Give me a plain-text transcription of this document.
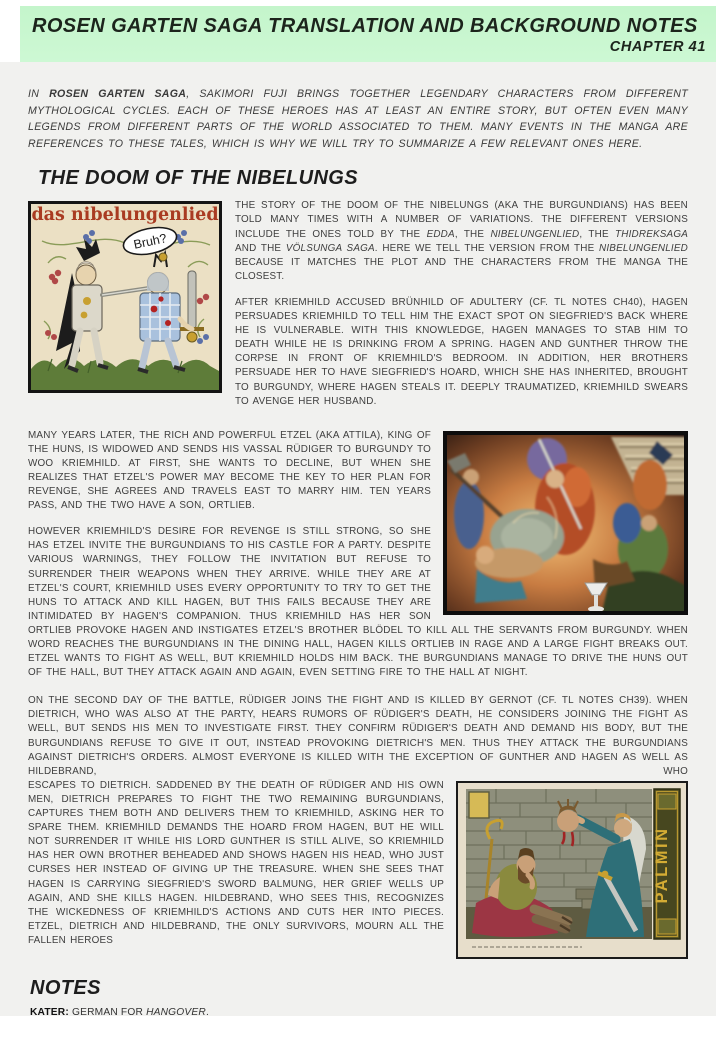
ROSEN GARTEN SAGA TRANSLATION AND BACKGROUND NOTES
CHAPTER 41

IN ROSEN GARTEN SAGA, SAKIMORI FUJI BRINGS TOGETHER LEGENDARY CHARACTERS FROM DIFFERENT MYTHOLOGICAL CYCLES. EACH OF THESE HEROES HAS AT LEAST AN ENTIRE STORY, BUT OFTEN EVEN MANY LEGENDS FROM DIFFERENT PARTS OF THE WORLD ASSOCIATED TO THEM. MANY EVENTS IN THE MANGA ARE REFERENCES TO THESE TALES, WHICH IS WHY WE WILL TRY TO SUMMARIZE A FEW RELEVANT ONES HERE.

THE DOOM OF THE NIBELUNGS
das nibelungenlied
Bruh?

THE STORY OF THE DOOM OF THE NIBELUNGS (AKA THE BURGUNDIANS) HAS BEEN TOLD MANY TIMES WITH A NUMBER OF VARIATIONS. THE DIFFERENT VERSIONS INCLUDE THE ONES TOLD BY THE EDDA, THE NIBELUNGENLIED, THE THIDREKSAGA AND THE VÖLSUNGA SAGA. HERE WE TELL THE VERSION FROM THE NIBELUNGENLIED BECAUSE IT MATCHES THE PLOT AND THE CHARACTERS FROM THE MANGA THE CLOSEST.

AFTER KRIEMHILD ACCUSED BRÜNHILD OF ADULTERY (CF. TL NOTES CH40), HAGEN PERSUADES KRIEMHILD TO TELL HIM THE EXACT SPOT ON SIEGFRIED'S BACK WHERE HE IS VULNERABLE. WITH THIS KNOWLEDGE, HAGEN MANAGES TO STAB HIM TO DEATH WHILE HE IS DRINKING FROM A SPRING. HAGEN AND GUNTHER THROW THE CORPSE IN FRONT OF KRIEMHILD'S BEDROOM. IN ADDITION, HER BROTHERS PERSUADE HER TO HAVE SIEGFRIED'S HOARD, WHICH SHE HAS INHERITED, BROUGHT TO BURGUNDY, WHERE HAGEN STEALS IT. DEEPLY TRAUMATIZED, KRIEMHILD SWEARS TO AVENGE HER HUSBAND.

MANY YEARS LATER, THE RICH AND POWERFUL ETZEL (AKA ATTILA), KING OF THE HUNS, IS WIDOWED AND SENDS HIS VASSAL RÜDIGER TO BURGUNDY TO WOO KRIEMHILD. AT FIRST, SHE WANTS TO DECLINE, BUT WHEN SHE REALIZES THAT ETZEL'S POWER MAY BECOME THE KEY TO HER PLAN FOR REVENGE, SHE AGREES AND TRAVELS EAST TO MARRY HIM. TEN YEARS PASS, AND THE TWO HAVE A SON, ORTLIEB.

HOWEVER KRIEMHILD'S DESIRE FOR REVENGE IS STILL STRONG, SO SHE HAS ETZEL INVITE THE BURGUNDIANS TO HIS CASTLE FOR A PARTY. DESPITE VARIOUS WARNINGS, THEY FOLLOW THE INVITATION BUT REFUSE TO SURRENDER THEIR WEAPONS WHEN THEY ARRIVE. WHILE THEY ARE AT ETZEL'S COURT, KRIEMHILD USES EVERY OPPORTUNITY TO TRY TO GET THE HUNS TO ATTACK AND KILL HAGEN, BUT THIS FAILS BECAUSE THEY ARE INTIMIDATED BY HAGEN'S COMPANION. THUS KRIEMHILD HAS HER SON ORTLIEB PROVOKE HAGEN AND INSTIGATES ETZEL'S BROTHER BLÖDEL TO KILL ALL THE SERVANTS FROM BURGUNDY. WHEN WORD REACHES THE BURGUNDIANS IN THE DINING HALL, HAGEN KILLS ORTLIEB IN RAGE AND A LARGE FIGHT BREAKS OUT. ETZEL WANTS TO FIGHT AS WELL, BUT KRIEMHILD HOLDS HIM BACK. THE BURGUNDIANS MANAGE TO DRIVE THE HUNS OUT OF THE HALL, BUT THEY ATTACK AGAIN AND AGAIN, EVEN SETTING FIRE TO THE HALL AT NIGHT.

ON THE SECOND DAY OF THE BATTLE, RÜDIGER JOINS THE FIGHT AND IS KILLED BY GERNOT (CF. TL NOTES CH39). WHEN DIETRICH, WHO WAS ALSO AT THE PARTY, HEARS RUMORS OF RÜDIGER'S DEATH, HE CONSIDERS JOINING THE FIGHT AS WELL, BUT SENDS HIS MEN TO INVESTIGATE FIRST. THEY CONFIRM RÜDIGER'S DEATH AND DEMAND HIS BODY, BUT THE BURGUNDIANS REFUSE TO GIVE IT OUT, INSTEAD PROVOKING DIETRICH'S MEN. THUS THEY ATTACK THE BURGUNDIANS AGAINST DIETRICH'S ORDERS. ALMOST EVERYONE IS KILLED WITH THE EXCEPTION OF GUNTHER AND HAGEN AS WELL AS HILDEBRAND, WHO

PALMIN

ESCAPES TO DIETRICH. SADDENED BY THE DEATH OF RÜDIGER AND HIS OWN MEN, DIETRICH PREPARES TO FIGHT THE TWO REMAINING BURGUNDIANS, CAPTURES THEM BOTH AND DELIVERS THEM TO KRIEMHILD, ASKING HER TO SPARE THEM. KRIEMHILD DEMANDS THE HOARD FROM HAGEN, BUT HE WILL NOT SURRENDER IT WHILE HIS LORD GUNTHER IS STILL ALIVE, SO KRIEMHILD HAS HER OWN BROTHER BEHEADED AND SHOWS HAGEN HIS HEAD, WHO JUST CURSES HER INSTEAD OF GIVING UP THE TREASURE. WHEN SHE SEES THAT HAGEN IS CARRYING SIEGFRIED'S SWORD BALMUNG, HER GRIEF WELLS UP AGAIN, AND SHE KILLS HAGEN. HILDEBRAND, WHO SEES THIS, RECOGNIZES THE WICKEDNESS OF KRIEMHILD'S ACTIONS AND CUTS HER INTO PIECES. ETZEL, DIETRICH AND HILDEBRAND, THE ONLY SURVIVORS, MOURN ALL THE FALLEN HEROES

NOTES

KATER: GERMAN FOR HANGOVER.
